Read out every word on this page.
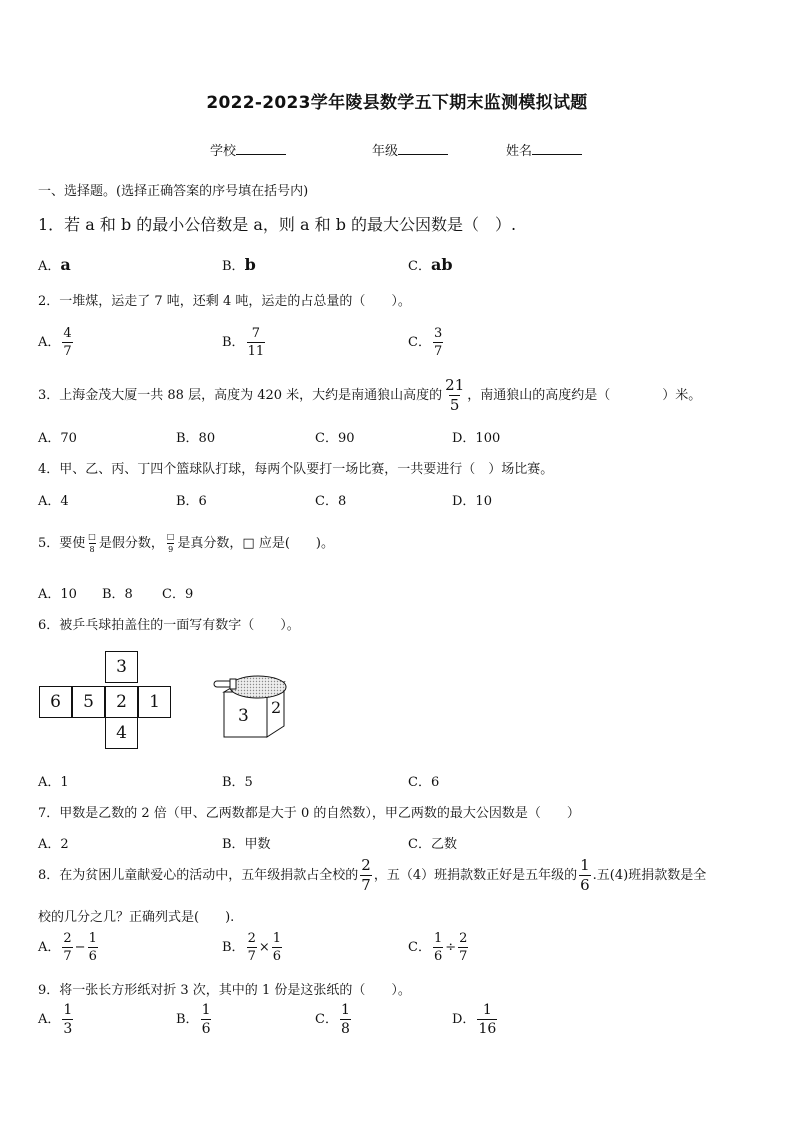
2022-2023学年陵县数学五下期末监测模拟试题
学校	年级	姓名
一、选择题。(选择正确答案的序号填在括号内)
1．若 a 和 b 的最小公倍数是 a，则 a 和 b 的最大公因数是（　）.
A．a	B．b	C．ab
2．一堆煤，运走了 7 吨，还剩 4 吨，运走的占总量的（　　）。
A． $\frac{4}{7}$	B． $\frac{7}{11}$	C． $\frac{3}{7}$
3．上海金茂大厦一共 88 层，高度为 420 米，大约是南通狼山高度的 $\frac{21}{5}$ ，南通狼山的高度约是（　　　　）米。
A．70	B．80	C．90	D．100
4．甲、乙、丙、丁四个篮球队打球，每两个队要打一场比赛，一共要进行（　）场比赛。
A．4	B．6	C．8	D．10
5．要使 $\frac{□}{8}$ 是假分数， $\frac{□}{9}$ 是真分数，□ 应是(　　)。
A．10 B．8 C．9
6．被乒乓球拍盖住的一面写有数字（　　）。
3
6	5	2	1
4
3 2
A．1	B．5	C．6
7．甲数是乙数的 2 倍（甲、乙两数都是大于 0 的自然数），甲乙两数的最大公因数是（　　）
A．2	B．甲数	C．乙数
8．在为贫困儿童献爱心的活动中，五年级捐款占全校的 $\frac{2}{7}$ ，五（4）班捐款数正好是五年级的 $\frac{1}{6}$ .五(4)班捐款数是全
校的几分之几？正确列式是(　　).
A． $\frac{2}{7} - \frac{1}{6}$	B． $\frac{2}{7} \times \frac{1}{6}$	C． $\frac{1}{6} \div \frac{2}{7}$
9．将一张长方形纸对折 3 次，其中的 1 份是这张纸的（　　）。
A． $\frac{1}{3}$	B． $\frac{1}{6}$	C． $\frac{1}{8}$	D． $\frac{1}{16}$
